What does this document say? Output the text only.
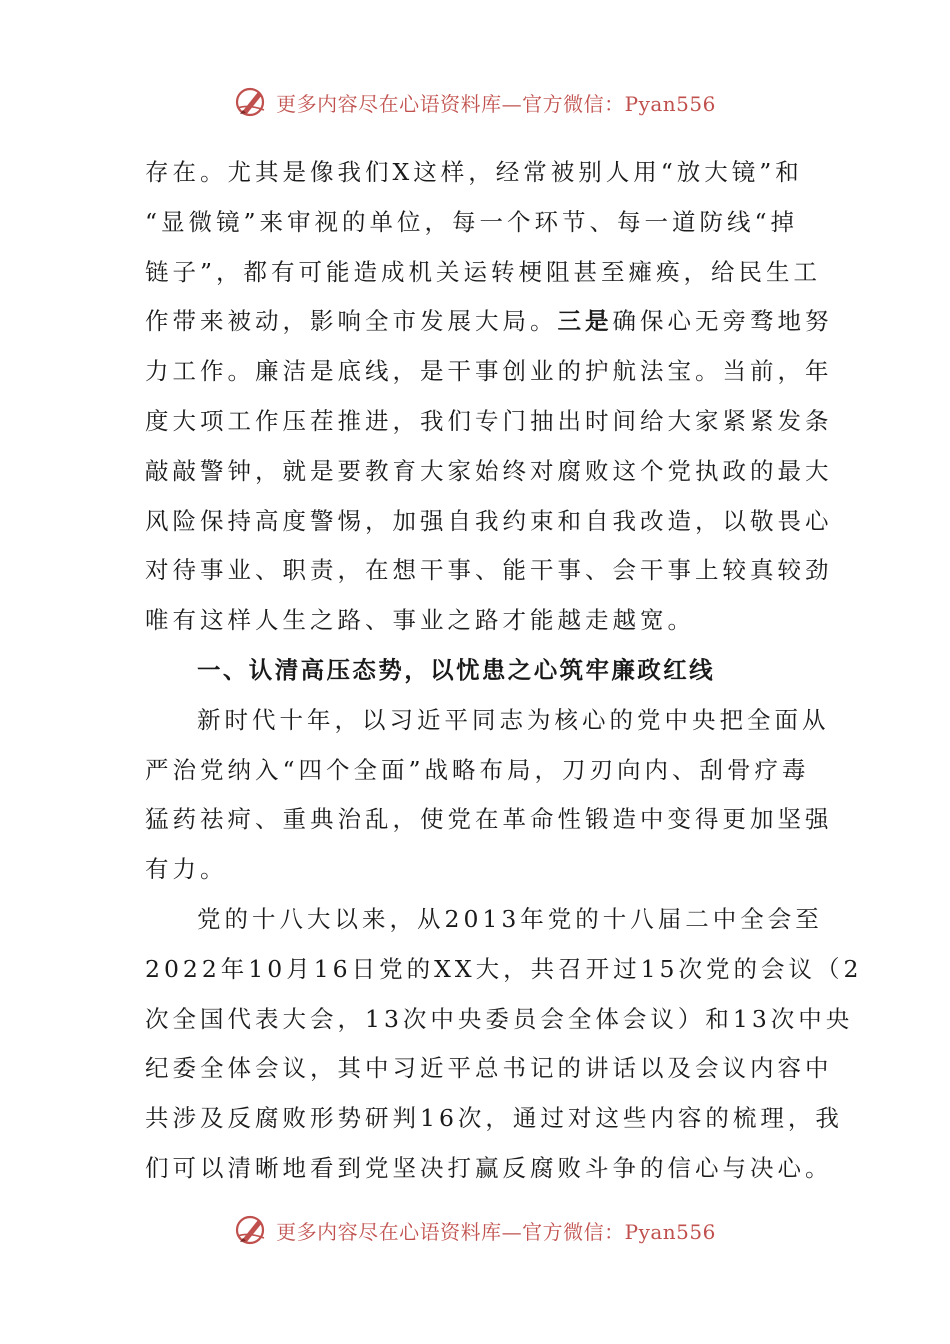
更多内容尽在心语资料库—官方微信：Pyan556
存在。尤其是像我们X这样，经常被别人用“放大镜”和
“显微镜”来审视的单位，每一个环节、每一道防线“掉
链子”，都有可能造成机关运转梗阻甚至瘫痪，给民生工
作带来被动，影响全市发展大局。三是确保心无旁骛地努
力工作。廉洁是底线，是干事创业的护航法宝。当前，年
度大项工作压茬推进，我们专门抽出时间给大家紧紧发条
敲敲警钟，就是要教育大家始终对腐败这个党执政的最大
风险保持高度警惕，加强自我约束和自我改造，以敬畏心
对待事业、职责，在想干事、能干事、会干事上较真较劲
唯有这样人生之路、事业之路才能越走越宽。
一、认清高压态势，以忧患之心筑牢廉政红线
新时代十年，以习近平同志为核心的党中央把全面从
严治党纳入“四个全面”战略布局，刀刃向内、刮骨疗毒
猛药祛疴、重典治乱，使党在革命性锻造中变得更加坚强
有力。
党的十八大以来，从2013年党的十八届二中全会至
2022年10月16日党的XX大，共召开过15次党的会议（2
次全国代表大会，13次中央委员会全体会议）和13次中央
纪委全体会议，其中习近平总书记的讲话以及会议内容中
共涉及反腐败形势研判16次，通过对这些内容的梳理，我
们可以清晰地看到党坚决打赢反腐败斗争的信心与决心。
更多内容尽在心语资料库—官方微信：Pyan556
